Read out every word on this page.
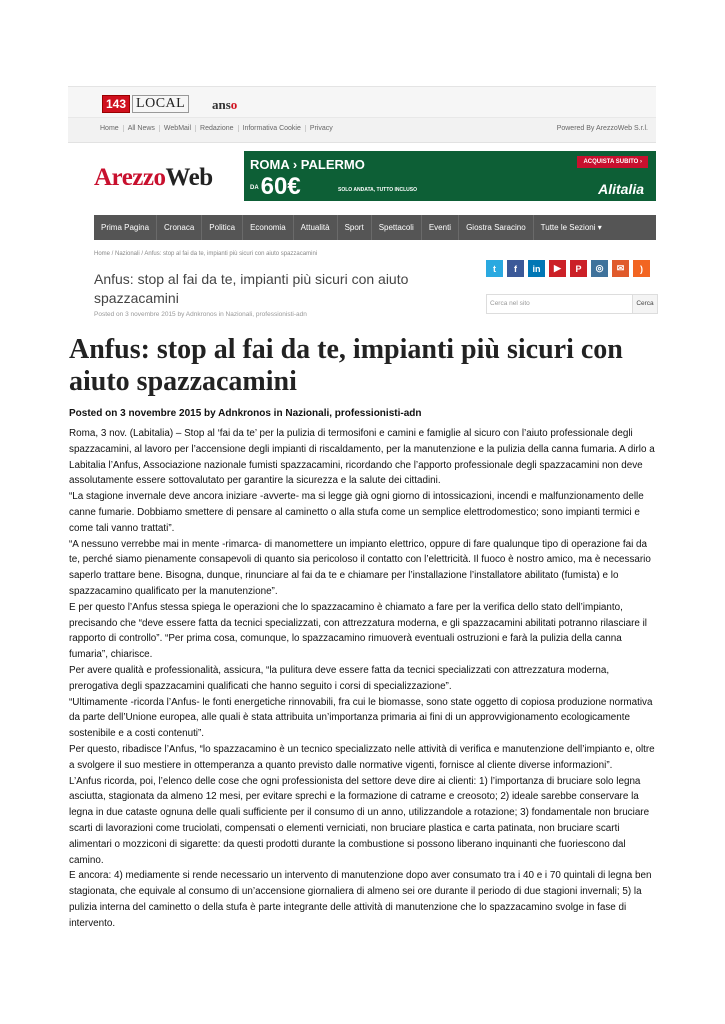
143 LOCAL	anso
Home	All News	WebMail	Redazione	Informativa Cookie	Privacy	Powered By ArezzoWeb S.r.l.
ArezzoWeb	ROMA › PALERMO
DA60€	SOLO ANDATA, TUTTO INCLUSO
ACQUISTA SUBITO ›
Alitalia
Prima Pagina	Cronaca	Politica	Economia	Attualità	Sport	Spettacoli	Eventi	Giostra Saracino	Tutte le Sezioni ▾
Home / Nazionali / Anfus: stop al fai da te, impianti più sicuri con aiuto spazzacamini
Anfus: stop al fai da te, impianti più sicuri con aiuto spazzacamini
Posted on 3 novembre 2015 by Adnkronos in Nazionali, professionisti-adn
t	f	in	▶	P	◎	✉	)
Cerca nel sito	Cerca
Anfus: stop al fai da te, impianti più sicuri con aiuto spazzacamini
Posted on 3 novembre 2015 by Adnkronos in Nazionali, professionisti-adn

Roma, 3 nov. (Labitalia) – Stop al ‘fai da te’ per la pulizia di termosifoni e camini e famiglie al sicuro con l’aiuto professionale degli spazzacamini, al lavoro per l’accensione degli impianti di riscaldamento, per la manutenzione e la pulizia della canna fumaria. A dirlo a Labitalia l’Anfus, Associazione nazionale fumisti spazzacamini, ricordando che l’apporto professionale degli spazzacamini non deve assolutamente essere sottovalutato per garantire la sicurezza e la salute dei cittadini.

“La stagione invernale deve ancora iniziare -avverte- ma si legge già ogni giorno di intossicazioni, incendi e malfunzionamento delle canne fumarie. Dobbiamo smettere di pensare al caminetto o alla stufa come un semplice elettrodomestico; sono impianti termici e come tali vanno trattati”.

“A nessuno verrebbe mai in mente -rimarca- di manomettere un impianto elettrico, oppure di fare qualunque tipo di operazione fai da te, perché siamo pienamente consapevoli di quanto sia pericoloso il contatto con l’elettricità. Il fuoco è nostro amico, ma è necessario saperlo trattare bene. Bisogna, dunque, rinunciare al fai da te e chiamare per l’installazione l’installatore abilitato (fumista) e lo spazzacamino qualificato per la manutenzione”.

E per questo l’Anfus stessa spiega le operazioni che lo spazzacamino è chiamato a fare per la verifica dello stato dell’impianto, precisando che “deve essere fatta da tecnici specializzati, con attrezzatura moderna, e gli spazzacamini abilitati potranno rilasciare il rapporto di controllo”. “Per prima cosa, comunque, lo spazzacamino rimuoverà eventuali ostruzioni e farà la pulizia della canna fumaria”, chiarisce.

Per avere qualità e professionalità, assicura, “la pulitura deve essere fatta da tecnici specializzati con attrezzatura moderna, prerogativa degli spazzacamini qualificati che hanno seguito i corsi di specializzazione”.

“Ultimamente -ricorda l’Anfus- le fonti energetiche rinnovabili, fra cui le biomasse, sono state oggetto di copiosa produzione normativa da parte dell’Unione europea, alle quali è stata attribuita un’importanza primaria ai fini di un approvvigionamento ecologicamente sostenibile e a costi contenuti”.

Per questo, ribadisce l’Anfus, “lo spazzacamino è un tecnico specializzato nelle attività di verifica e manutenzione dell’impianto e, oltre a svolgere il suo mestiere in ottemperanza a quanto previsto dalle normative vigenti, fornisce al cliente diverse informazioni”.

L’Anfus ricorda, poi, l’elenco delle cose che ogni professionista del settore deve dire ai clienti: 1) l’importanza di bruciare solo legna asciutta, stagionata da almeno 12 mesi, per evitare sprechi e la formazione di catrame e creosoto; 2) ideale sarebbe conservare la legna in due cataste ognuna delle quali sufficiente per il consumo di un anno, utilizzandole a rotazione; 3) fondamentale non bruciare scarti di lavorazioni come truciolati, compensati o elementi verniciati, non bruciare plastica e carta patinata, non bruciare scarti alimentari o mozziconi di sigarette: da questi prodotti durante la combustione si possono liberano inquinanti che fuoriescono dal camino.

E ancora: 4) mediamente si rende necessario un intervento di manutenzione dopo aver consumato tra i 40 e i 70 quintali di legna ben stagionata, che equivale al consumo di un’accensione giornaliera di almeno sei ore durante il periodo di due stagioni invernali; 5) la pulizia interna del caminetto o della stufa è parte integrante delle attività di manutenzione che lo spazzacamino svolge in fase di intervento.
